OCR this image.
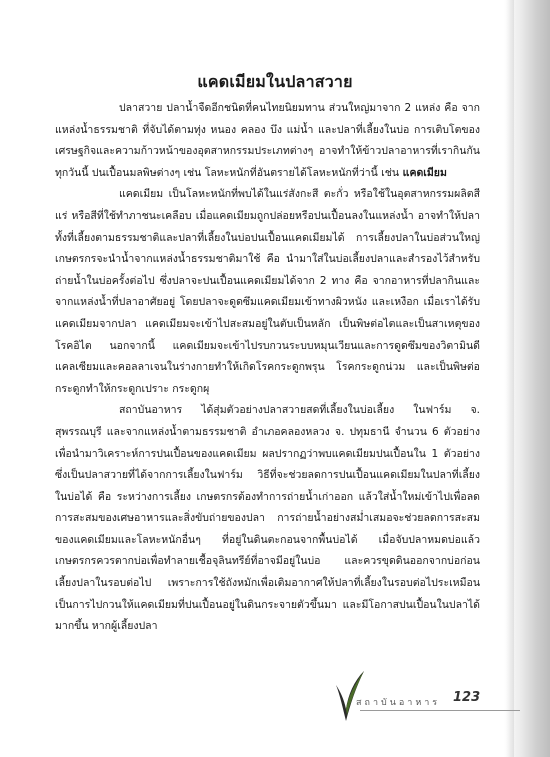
แคดเมียมในปลาสวาย

ปลาสวาย ปลาน้ำจืดอีกชนิดที่คนไทยนิยมทาน ส่วนใหญ่มาจาก 2 แหล่ง คือ จากแหล่งน้ำธรรมชาติ ที่จับได้ตามทุ่ง หนอง คลอง บึง แม่น้ำ และปลาที่เลี้ยงในบ่อ การเติบโตของเศรษฐกิจและความก้าวหน้าของอุตสาหกรรมประเภทต่างๆ อาจทำให้ข้าวปลาอาหารที่เรากินกันทุกวันนี้ ปนเปื้อนมลพิษต่างๆ เช่น โลหะหนักที่อันตรายได้โลหะหนักที่ว่านี้ เช่น แคดเมียม

แคดเมียม เป็นโลหะหนักที่พบได้ในแร่สังกะสี ตะกั่ว หรือใช้ในอุตสาหกรรมผลิตสีแร่ หรือสีที่ใช้ทำภาชนะเคลือบ เมื่อแคดเมียมถูกปล่อยหรือปนเปื้อนลงในแหล่งน้ำ อาจทำให้ปลาทั้งที่เลี้ยงตามธรรมชาติและปลาที่เลี้ยงในบ่อปนเปื้อนแคดเมียมได้ การเลี้ยงปลาในบ่อส่วนใหญ่เกษตรกรจะนำน้ำจากแหล่งน้ำธรรมชาติมาใช้ คือ นำมาใส่ในบ่อเลี้ยงปลาและสำรองไว้สำหรับถ่ายน้ำในบ่อครั้งต่อไป ซึ่งปลาจะปนเปื้อนแคดเมียมได้จาก 2 ทาง คือ จากอาหารที่ปลากินและจากแหล่งน้ำที่ปลาอาศัยอยู่ โดยปลาจะดูดซึมแคดเมียมเข้าทางผิวหนัง และเหงือก เมื่อเราได้รับแคดเมียมจากปลา แคดเมียมจะเข้าไปสะสมอยู่ในตับเป็นหลัก เป็นพิษต่อไตและเป็นสาเหตุของโรคอิไต นอกจากนี้ แคดเมียมจะเข้าไปรบกวนระบบหมุนเวียนและการดูดซึมของวิตามินดี แคลเซียมและคอลลาเจนในร่างกายทำให้เกิดโรคกระดูกพรุน โรคกระดูกน่วม และเป็นพิษต่อกระดูกทำให้กระดูกเปราะ กระดูกผุ

สถาบันอาหาร ได้สุ่มตัวอย่างปลาสวายสดที่เลี้ยงในบ่อเลี้ยง ในฟาร์ม จ. สุพรรณบุรี และจากแหล่งน้ำตามธรรมชาติ อำเภอคลองหลวง จ. ปทุมธานี จำนวน 6 ตัวอย่าง เพื่อนำมาวิเคราะห์การปนเปื้อนของแคดเมียม ผลปรากฏว่าพบแคดเมียมปนเปื้อนใน 1 ตัวอย่าง ซึ่งเป็นปลาสวายที่ได้จากการเลี้ยงในฟาร์ม วิธีที่จะช่วยลดการปนเปื้อนแคดเมียมในปลาที่เลี้ยงในบ่อได้ คือ ระหว่างการเลี้ยง เกษตรกรต้องทำการถ่ายน้ำเก่าออก แล้วใส่น้ำใหม่เข้าไปเพื่อลดการสะสมของเศษอาหารและสิ่งขับถ่ายของปลา การถ่ายน้ำอย่างสม่ำเสมอจะช่วยลดการสะสมของแคดเมียมและโลหะหนักอื่นๆ ที่อยู่ในดินตะกอนจากพื้นบ่อได้ เมื่อจับปลาหมดบ่อแล้ว เกษตรกรควรตากบ่อเพื่อทำลายเชื้อจุลินทรีย์ที่อาจมีอยู่ในบ่อ และควรขุดดินออกจากบ่อก่อนเลี้ยงปลาในรอบต่อไป เพราะการใช้ถังหมักเพื่อเติมอากาศให้ปลาที่เลี้ยงในรอบต่อไประเหมือนเป็นการไปกวนให้แคดเมียมที่ปนเปื้อนอยู่ในดินกระจายตัวขึ้นมา และมีโอกาสปนเปื้อนในปลาได้มากขึ้น หากผู้เลี้ยงปลา

สถาบันอาหาร 123
